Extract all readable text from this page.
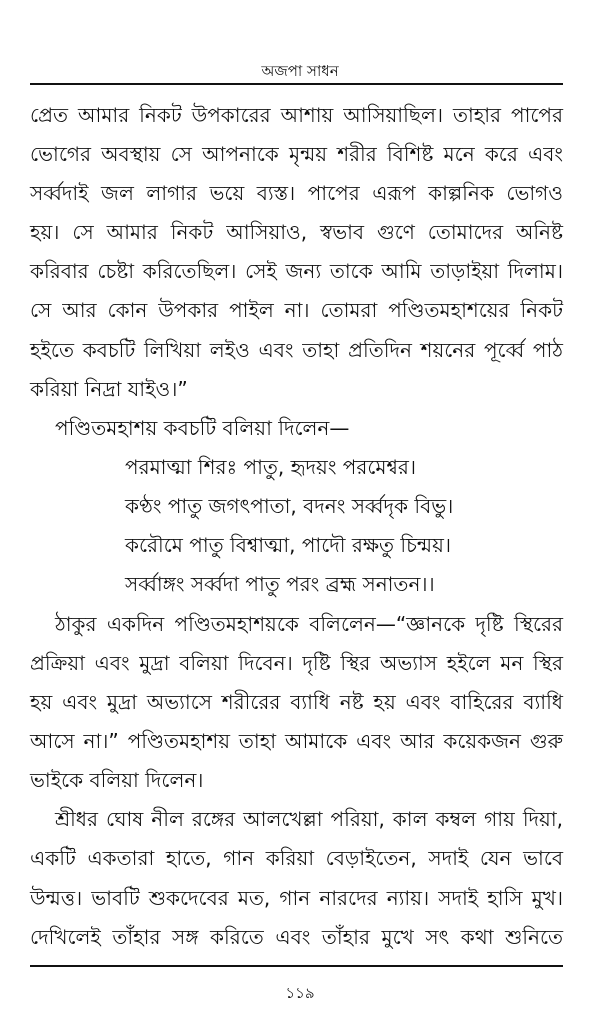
অজপা সাধন
প্রেত আমার নিকট উপকারের আশায় আসিয়াছিল। তাহার পাপের
ভোগের অবস্থায় সে আপনাকে মৃন্ময় শরীর বিশিষ্ট মনে করে এবং
সর্ব্বদাই জল লাগার ভয়ে ব্যস্ত। পাপের এরূপ কাল্পনিক ভোগও
হয়। সে আমার নিকট আসিয়াও, স্বভাব গুণে তোমাদের অনিষ্ট
করিবার চেষ্টা করিতেছিল। সেই জন্য তাকে আমি তাড়াইয়া দিলাম।
সে আর কোন উপকার পাইল না। তোমরা পণ্ডিতমহাশয়ের নিকট
হইতে কবচটি লিখিয়া লইও এবং তাহা প্রতিদিন শয়নের পূর্ব্বে পাঠ
করিয়া নিদ্রা যাইও।”
পণ্ডিতমহাশয় কবচটি বলিয়া দিলেন—
পরমাত্মা শিরঃ পাতু, হৃদয়ং পরমেশ্বর।
কণ্ঠং পাতু জগৎপাতা, বদনং সর্ব্বদৃক বিভু।
করৌমে পাতু বিশ্বাত্মা, পাদৌ রক্ষতু চিন্ময়।
সর্ব্বাঙ্গং সর্ব্বদা পাতু পরং ব্রহ্ম সনাতন।।
ঠাকুর একদিন পণ্ডিতমহাশয়কে বলিলেন—“জ্ঞানকে দৃষ্টি স্থিরের
প্রক্রিয়া এবং মুদ্রা বলিয়া দিবেন। দৃষ্টি স্থির অভ্যাস হইলে মন স্থির
হয় এবং মুদ্রা অভ্যাসে শরীরের ব্যাধি নষ্ট হয় এবং বাহিরের ব্যাধি
আসে না।” পণ্ডিতমহাশয় তাহা আমাকে এবং আর কয়েকজন গুরু
ভাইকে বলিয়া দিলেন।
শ্রীধর ঘোষ নীল রঙ্গের আলখেল্লা পরিয়া, কাল কম্বল গায় দিয়া,
একটি একতারা হাতে, গান করিয়া বেড়াইতেন, সদাই যেন ভাবে
উন্মত্ত। ভাবটি শুকদেবের মত, গান নারদের ন্যায়। সদাই হাসি মুখ।
দেখিলেই তাঁহার সঙ্গ করিতে এবং তাঁহার মুখে সৎ কথা শুনিতে
১১৯
